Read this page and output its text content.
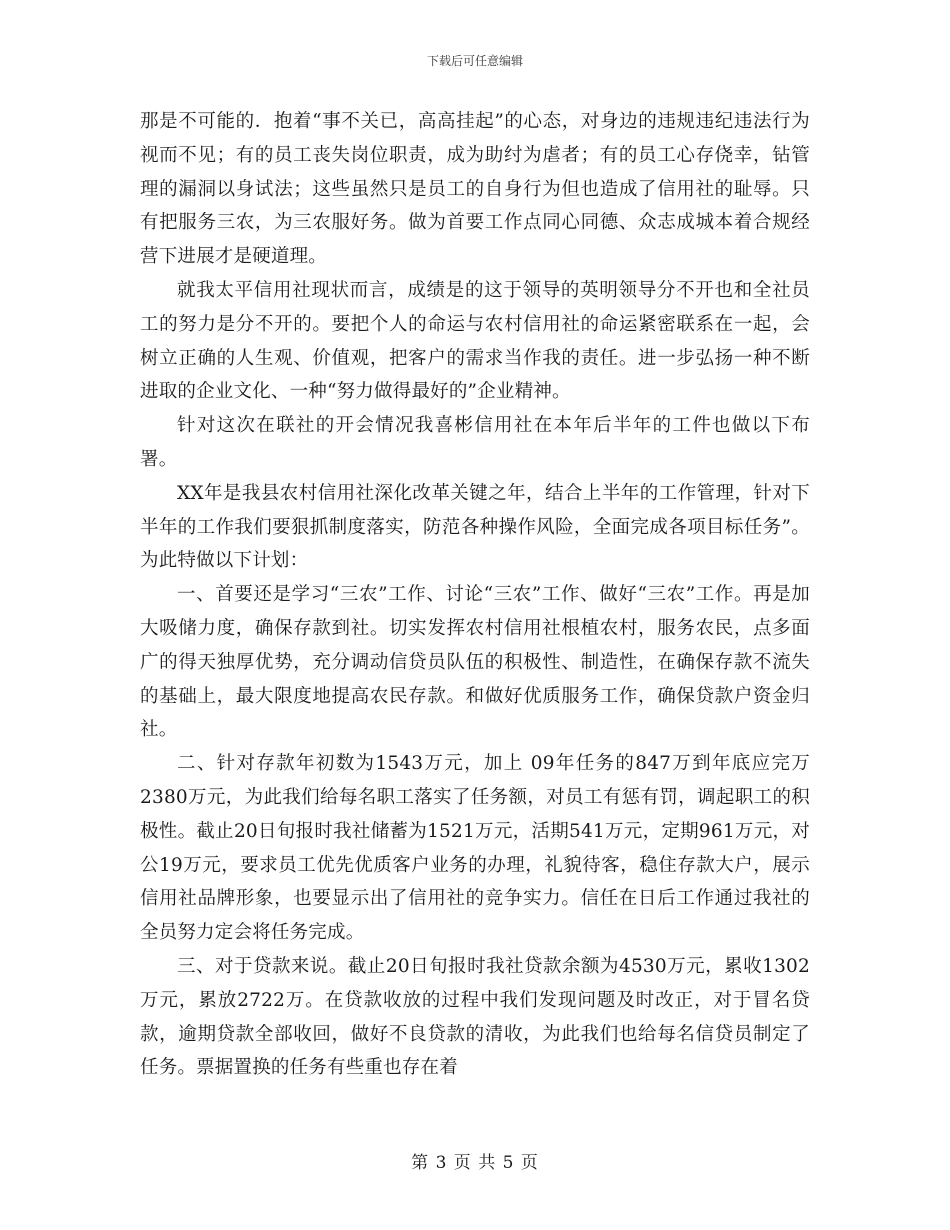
下载后可任意编辑

那是不可能的．抱着“事不关已，高高挂起”的心态，对身边的违规违纪违法行为视而不见；有的员工丧失岗位职责，成为助纣为虐者；有的员工心存侥幸，钻管理的漏洞以身试法；这些虽然只是员工的自身行为但也造成了信用社的耻辱。只有把服务三农，为三农服好务。做为首要工作点同心同德、众志成城本着合规经营下进展才是硬道理。

就我太平信用社现状而言，成绩是的这于领导的英明领导分不开也和全社员工的努力是分不开的。要把个人的命运与农村信用社的命运紧密联系在一起，会树立正确的人生观、价值观，把客户的需求当作我的责任。进一步弘扬一种不断进取的企业文化、一种“努力做得最好的”企业精神。

针对这次在联社的开会情况我喜彬信用社在本年后半年的工件也做以下布署。

XX年是我县农村信用社深化改革关键之年，结合上半年的工作管理，针对下半年的工作我们要狠抓制度落实，防范各种操作风险，全面完成各项目标任务”。为此特做以下计划：

一、首要还是学习“三农”工作、讨论“三农”工作、做好“三农”工作。再是加大吸储力度，确保存款到社。切实发挥农村信用社根植农村，服务农民，点多面广的得天独厚优势，充分调动信贷员队伍的积极性、制造性，在确保存款不流失的基础上，最大限度地提高农民存款。和做好优质服务工作，确保贷款户资金归社。

二、针对存款年初数为1543万元，加上 09年任务的847万到年底应完万2380万元，为此我们给每名职工落实了任务额，对员工有惩有罚，调起职工的积极性。截止20日旬报时我社储蓄为1521万元，活期541万元，定期961万元，对公19万元，要求员工优先优质客户业务的办理，礼貌待客，稳住存款大户，展示信用社品牌形象，也要显示出了信用社的竞争实力。信任在日后工作通过我社的全员努力定会将任务完成。

三、对于贷款来说。截止20日旬报时我社贷款余额为4530万元，累收1302万元，累放2722万。在贷款收放的过程中我们发现问题及时改正，对于冒名贷款，逾期贷款全部收回，做好不良贷款的清收，为此我们也给每名信贷员制定了任务。票据置换的任务有些重也存在着

第 3 页 共 5 页
